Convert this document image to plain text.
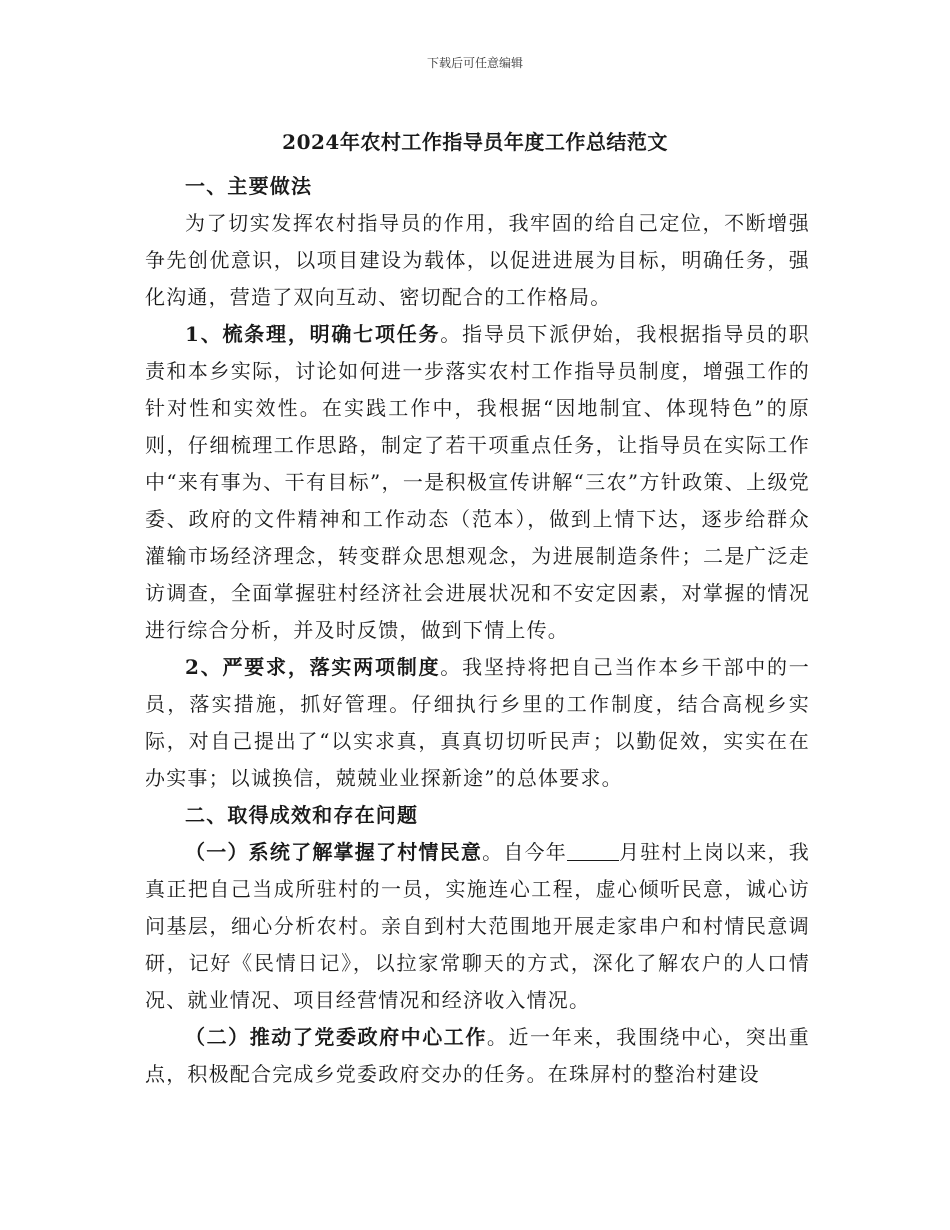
下载后可任意编辑
2024年农村工作指导员年度工作总结范文

一、主要做法

为了切实发挥农村指导员的作用，我牢固的给自己定位，不断增强争先创优意识，以项目建设为载体，以促进进展为目标，明确任务，强化沟通，营造了双向互动、密切配合的工作格局。

1、梳条理，明确七项任务。指导员下派伊始，我根据指导员的职责和本乡实际，讨论如何进一步落实农村工作指导员制度，增强工作的针对性和实效性。在实践工作中，我根据“因地制宜、体现特色”的原则，仔细梳理工作思路，制定了若干项重点任务，让指导员在实际工作中“来有事为、干有目标”，一是积极宣传讲解“三农”方针政策、上级党委、政府的文件精神和工作动态（范本），做到上情下达，逐步给群众灌输市场经济理念，转变群众思想观念，为进展制造条件；二是广泛走访调查，全面掌握驻村经济社会进展状况和不安定因素，对掌握的情况进行综合分析，并及时反馈，做到下情上传。

2、严要求，落实两项制度。我坚持将把自己当作本乡干部中的一员，落实措施，抓好管理。仔细执行乡里的工作制度，结合高枧乡实际，对自己提出了“以实求真，真真切切听民声；以勤促效，实实在在办实事；以诚换信，兢兢业业探新途”的总体要求。

二、取得成效和存在问题

（一）系统了解掌握了村情民意。自今年	月驻村上岗以来，我真正把自己当成所驻村的一员，实施连心工程，虚心倾听民意，诚心访问基层，细心分析农村。亲自到村大范围地开展走家串户和村情民意调研，记好《民情日记》，以拉家常聊天的方式，深化了解农户的人口情况、就业情况、项目经营情况和经济收入情况。

（二）推动了党委政府中心工作。近一年来，我围绕中心，突出重点，积极配合完成乡党委政府交办的任务。在珠屏村的整治村建设
